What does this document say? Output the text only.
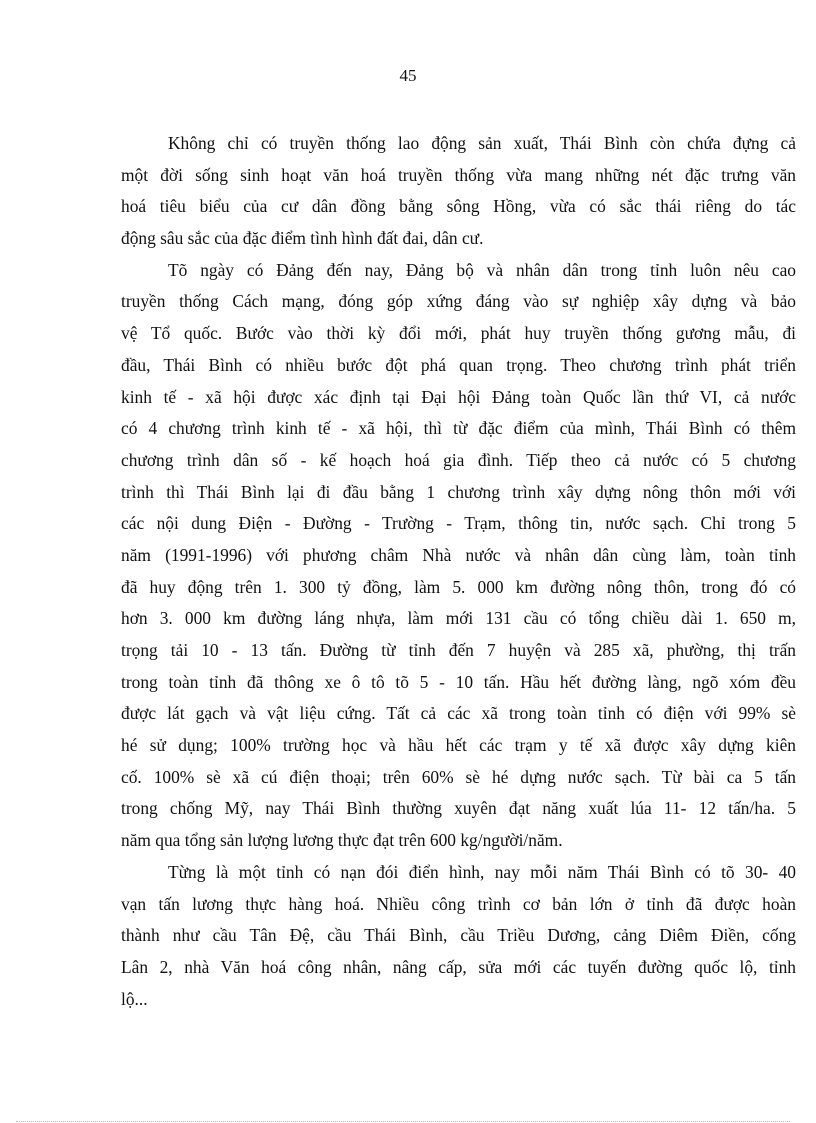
45
Không chỉ có truyền thống lao động sản xuất, Thái Bình còn chứa đựng cả
một đời sống sinh hoạt văn hoá truyền thống vừa mang những nét đặc trưng văn
hoá tiêu biểu của cư dân đồng bằng sông Hồng, vừa có sắc thái riêng do tác
động sâu sắc của đặc điểm tình hình đất đai, dân cư.
Tõ ngày có Đảng đến nay, Đảng bộ và nhân dân trong tỉnh luôn nêu cao
truyền thống Cách mạng, đóng góp xứng đáng vào sự nghiệp xây dựng và bảo
vệ Tổ quốc. Bước vào thời kỳ đổi mới, phát huy truyền thống gương mẫu, đi
đầu, Thái Bình có nhiều bước đột phá quan trọng. Theo chương trình phát triển
kinh tế - xã hội được xác định tại Đại hội Đảng toàn Quốc lần thứ VI, cả nước
có 4 chương trình kinh tế - xã hội, thì từ đặc điểm của mình, Thái Bình có thêm
chương trình dân số - kế hoạch hoá gia đình. Tiếp theo cả nước có 5 chương
trình thì Thái Bình lại đi đầu bằng 1 chương trình xây dựng nông thôn mới với
các nội dung Điện - Đường - Trường - Trạm, thông tin, nước sạch. Chỉ trong 5
năm (1991-1996) với phương châm Nhà nước và nhân dân cùng làm, toàn tỉnh
đã huy động trên 1. 300 tỷ đồng, làm 5. 000 km đường nông thôn, trong đó có
hơn 3. 000 km đường láng nhựa, làm mới 131 cầu có tổng chiều dài 1. 650 m,
trọng tải 10 - 13 tấn. Đường từ tỉnh đến 7 huyện và 285 xã, phường, thị trấn
trong toàn tỉnh đã thông xe ô tô tõ 5 - 10 tấn. Hầu hết đường làng, ngõ xóm đều
được lát gạch và vật liệu cứng. Tất cả các xã trong toàn tỉnh có điện với 99% sè
hé sử dụng; 100% trường học và hầu hết các trạm y tế xã được xây dựng kiên
cố. 100% sè xã cú điện thoại; trên 60% sè hé dựng nước sạch. Từ bài ca 5 tấn
trong chống Mỹ, nay Thái Bình thường xuyên đạt năng xuất lúa 11- 12 tấn/ha. 5
năm qua tổng sản lượng lương thực đạt trên 600 kg/người/năm.
Từng là một tỉnh có nạn đói điển hình, nay mỗi năm Thái Bình có tõ 30- 40
vạn tấn lương thực hàng hoá. Nhiều công trình cơ bản lớn ở tỉnh đã được hoàn
thành như cầu Tân Đệ, cầu Thái Bình, cầu Triều Dương, cảng Diêm Điền, cống
Lân 2, nhà Văn hoá công nhân, nâng cấp, sửa mới các tuyến đường quốc lộ, tỉnh
lộ...
